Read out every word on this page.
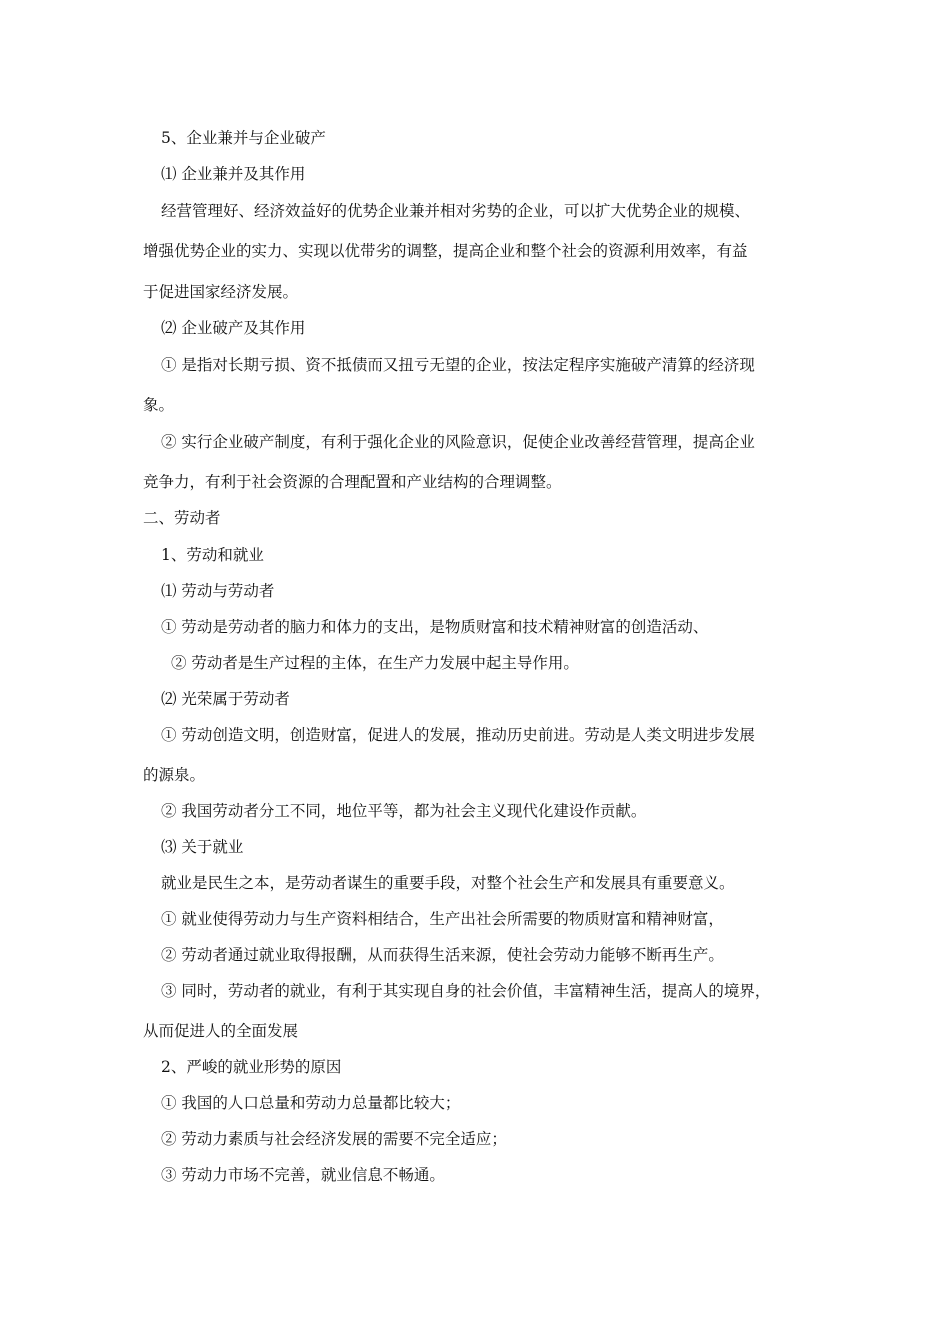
5、企业兼并与企业破产
⑴ 企业兼并及其作用
经营管理好、经济效益好的优势企业兼并相对劣势的企业，可以扩大优势企业的规模、
增强优势企业的实力、实现以优带劣的调整，提高企业和整个社会的资源利用效率，有益
于促进国家经济发展。
⑵ 企业破产及其作用
① 是指对长期亏损、资不抵债而又扭亏无望的企业，按法定程序实施破产清算的经济现
象。
② 实行企业破产制度，有利于强化企业的风险意识，促使企业改善经营管理，提高企业
竞争力，有利于社会资源的合理配置和产业结构的合理调整。
二、劳动者
1、劳动和就业
⑴ 劳动与劳动者
① 劳动是劳动者的脑力和体力的支出，是物质财富和技术精神财富的创造活动、
② 劳动者是生产过程的主体，在生产力发展中起主导作用。
⑵ 光荣属于劳动者
① 劳动创造文明，创造财富，促进人的发展，推动历史前进。劳动是人类文明进步发展
的源泉。
② 我国劳动者分工不同，地位平等，都为社会主义现代化建设作贡献。
⑶ 关于就业
就业是民生之本，是劳动者谋生的重要手段，对整个社会生产和发展具有重要意义。
① 就业使得劳动力与生产资料相结合，生产出社会所需要的物质财富和精神财富，
② 劳动者通过就业取得报酬，从而获得生活来源，使社会劳动力能够不断再生产。
③ 同时，劳动者的就业，有利于其实现自身的社会价值，丰富精神生活，提高人的境界，
从而促进人的全面发展
2、严峻的就业形势的原因
① 我国的人口总量和劳动力总量都比较大；
② 劳动力素质与社会经济发展的需要不完全适应；
③ 劳动力市场不完善，就业信息不畅通。
